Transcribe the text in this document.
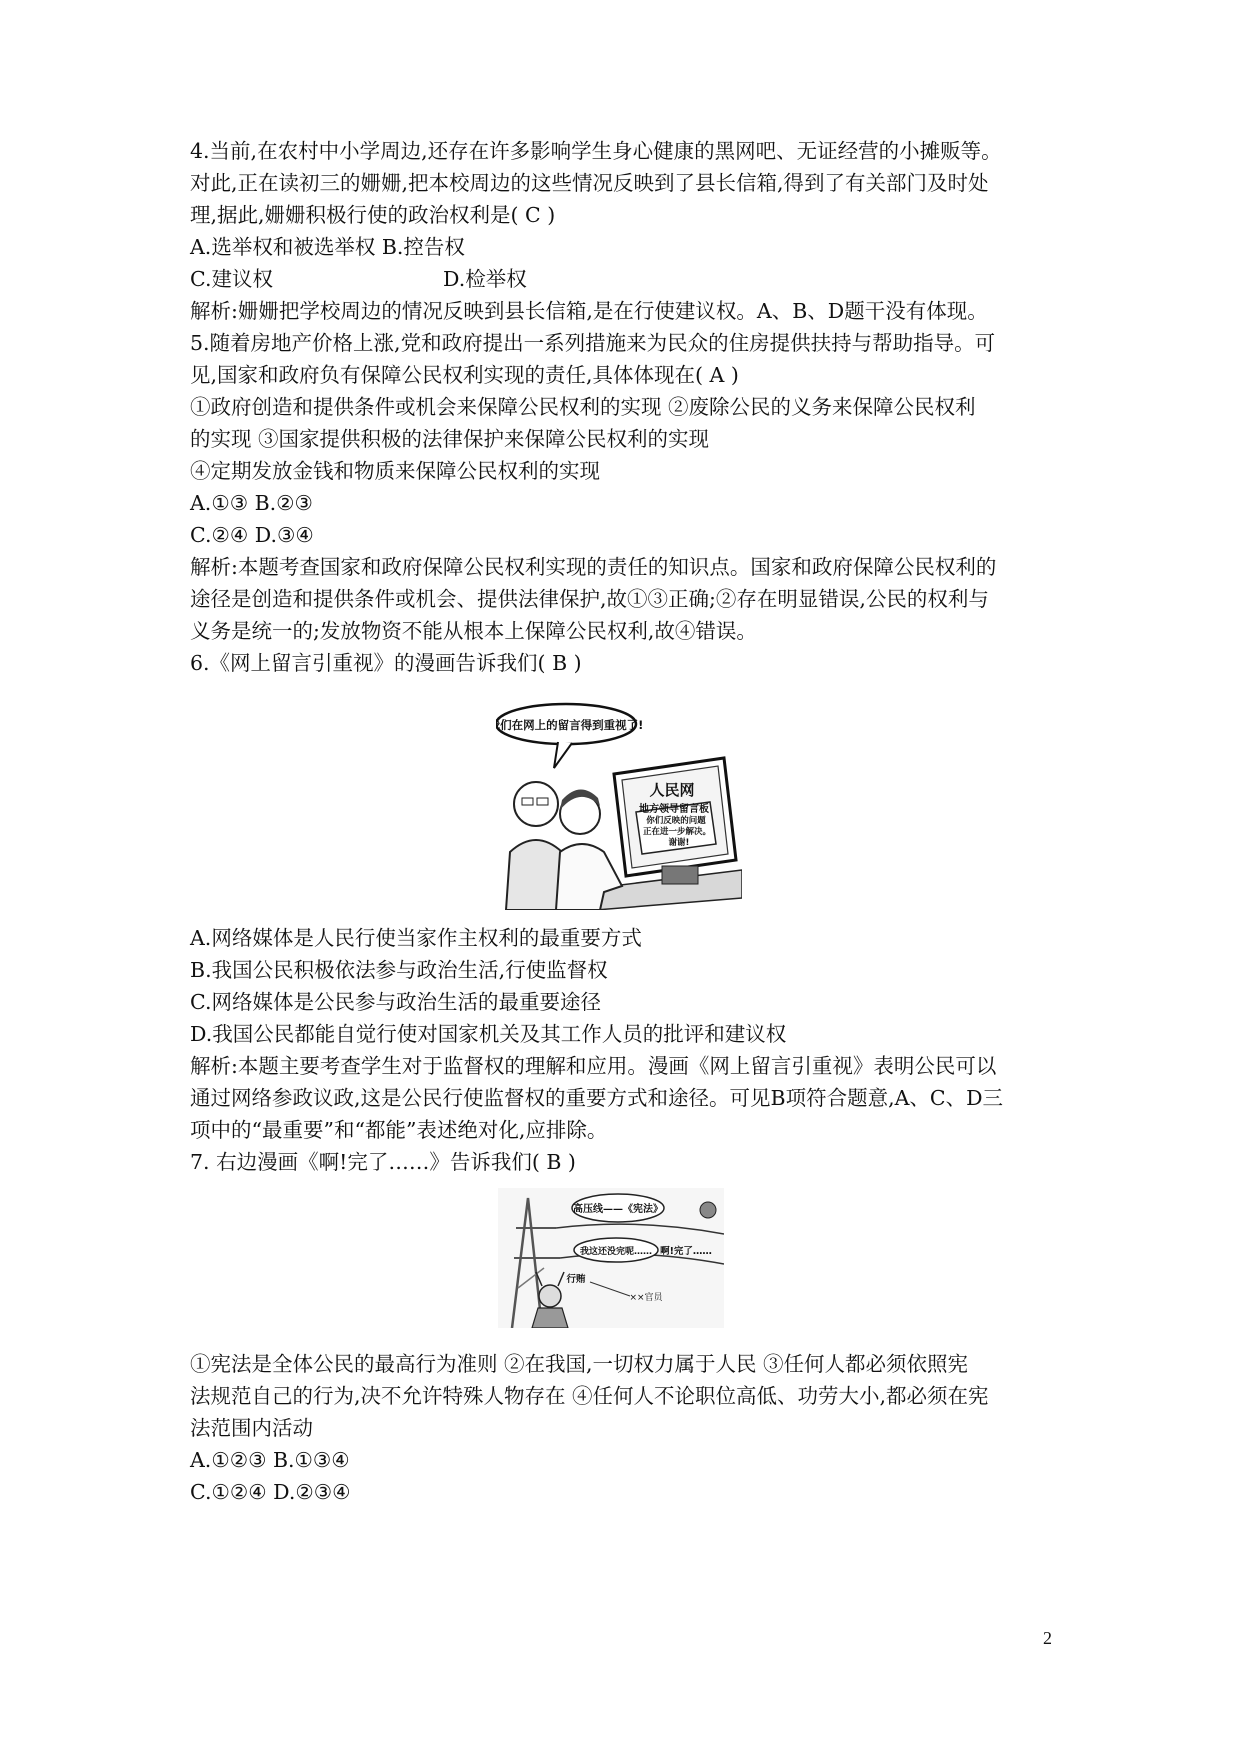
4.当前,在农村中小学周边,还存在许多影响学生身心健康的黑网吧、无证经营的小摊贩等。
对此,正在读初三的姗姗,把本校周边的这些情况反映到了县长信箱,得到了有关部门及时处
理,据此,姗姗积极行使的政治权利是( C )
A.选举权和被选举权 B.控告权
C.建议权	D.检举权
解析:姗姗把学校周边的情况反映到县长信箱,是在行使建议权。A、B、D题干没有体现。
5.随着房地产价格上涨,党和政府提出一系列措施来为民众的住房提供扶持与帮助指导。可
见,国家和政府负有保障公民权利实现的责任,具体体现在( A )
①政府创造和提供条件或机会来保障公民权利的实现 ②废除公民的义务来保障公民权利
的实现 ③国家提供积极的法律保护来保障公民权利的实现
④定期发放金钱和物质来保障公民权利的实现
A.①③ B.②③
C.②④ D.③④
解析:本题考查国家和政府保障公民权利实现的责任的知识点。国家和政府保障公民权利的
途径是创造和提供条件或机会、提供法律保护,故①③正确;②存在明显错误,公民的权利与
义务是统一的;发放物资不能从根本上保障公民权利,故④错误。
6.《网上留言引重视》的漫画告诉我们( B )
我们在网上的留言得到重视了!
人民网
地方领导留言板
你们反映的问题
正在进一步解决。
谢谢!
A.网络媒体是人民行使当家作主权利的最重要方式
B.我国公民积极依法参与政治生活,行使监督权
C.网络媒体是公民参与政治生活的最重要途径
D.我国公民都能自觉行使对国家机关及其工作人员的批评和建议权
解析:本题主要考查学生对于监督权的理解和应用。漫画《网上留言引重视》表明公民可以
通过网络参政议政,这是公民行使监督权的重要方式和途径。可见B项符合题意,A、C、D三
项中的“最重要”和“都能”表述绝对化,应排除。
7. 右边漫画《啊!完了……》告诉我们( B )
高压线——《宪法》
我这还没完呢…… 啊!完了……
行贿
××官员
①宪法是全体公民的最高行为准则 ②在我国,一切权力属于人民 ③任何人都必须依照宪
法规范自己的行为,决不允许特殊人物存在 ④任何人不论职位高低、功劳大小,都必须在宪
法范围内活动
A.①②③ B.①③④
C.①②④ D.②③④
2
